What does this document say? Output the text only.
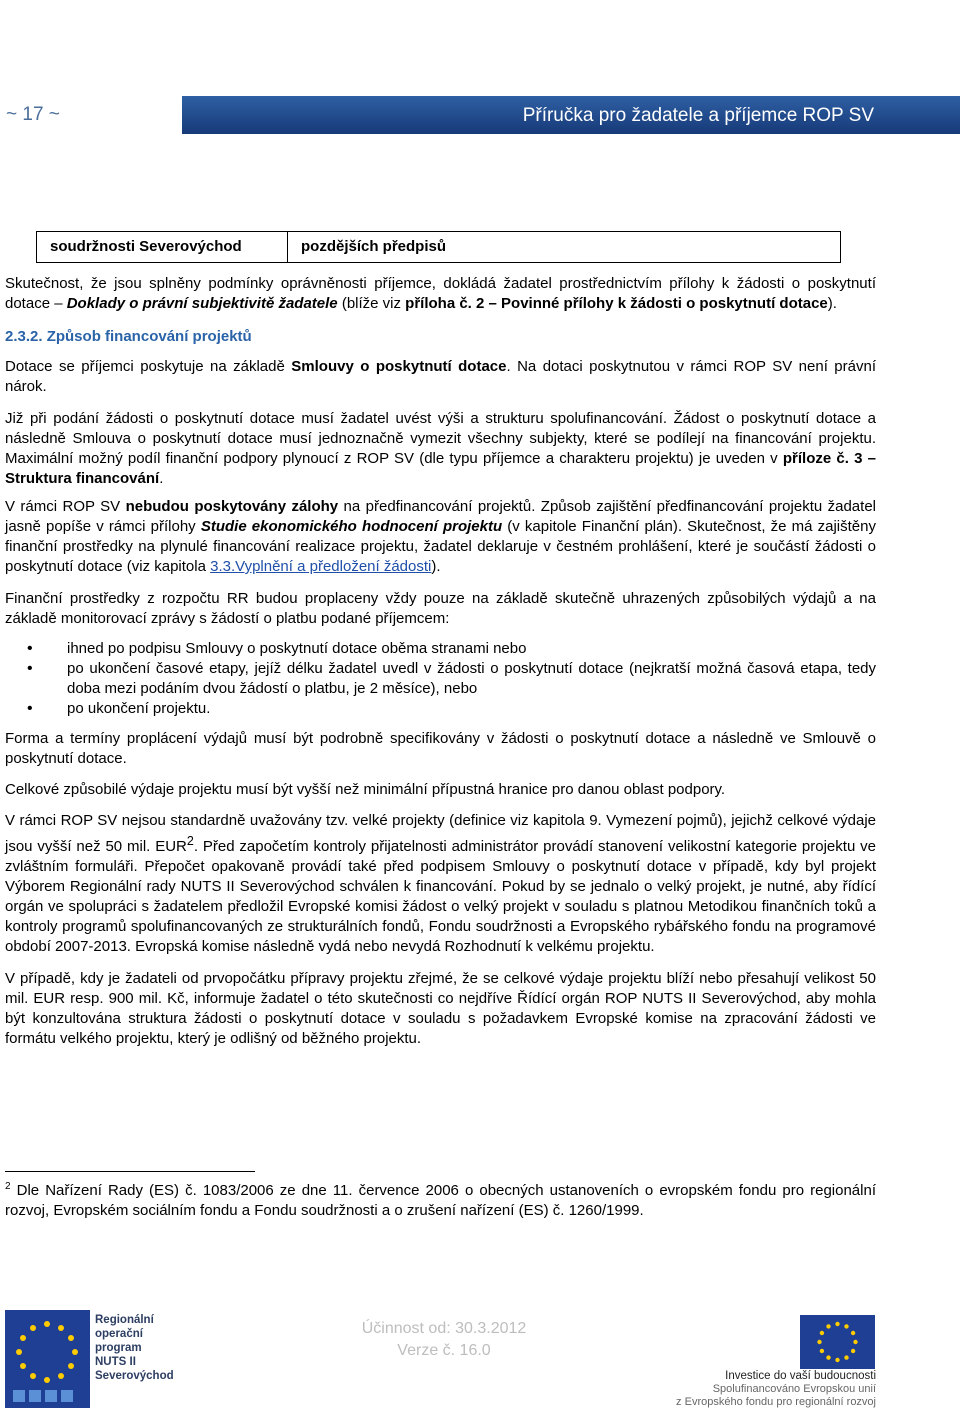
~ 17 ~	Příručka pro žadatele a příjemce ROP SV
soudržnosti Severovýchod	pozdějších předpisů

Skutečnost, že jsou splněny podmínky oprávněnosti příjemce, dokládá žadatel prostřednictvím přílohy k žádosti o poskytnutí dotace – Doklady o právní subjektivitě žadatele (blíže viz příloha č. 2 – Povinné přílohy k žádosti o poskytnutí dotace).

2.3.2. Způsob financování projektů

Dotace se příjemci poskytuje na základě Smlouvy o poskytnutí dotace. Na dotaci poskytnutou v rámci ROP SV není právní nárok.

Již při podání žádosti o poskytnutí dotace musí žadatel uvést výši a strukturu spolufinancování. Žádost o poskytnutí dotace a následně Smlouva o poskytnutí dotace musí jednoznačně vymezit všechny subjekty, které se podílejí na financování projektu. Maximální možný podíl finanční podpory plynoucí z ROP SV (dle typu příjemce a charakteru projektu) je uveden v příloze č. 3 – Struktura financování.

V rámci ROP SV nebudou poskytovány zálohy na předfinancování projektů. Způsob zajištění předfinancování projektu žadatel jasně popíše v rámci přílohy Studie ekonomického hodnocení projektu (v kapitole Finanční plán). Skutečnost, že má zajištěny finanční prostředky na plynulé financování realizace projektu, žadatel deklaruje v čestném prohlášení, které je součástí žádosti o poskytnutí dotace (viz kapitola 3.3.Vyplnění a předložení žádosti).

Finanční prostředky z rozpočtu RR budou proplaceny vždy pouze na základě skutečně uhrazených způsobilých výdajů a na základě monitorovací zprávy s žádostí o platbu podané příjemcem:

• ihned po podpisu Smlouvy o poskytnutí dotace oběma stranami nebo
• po ukončení časové etapy, jejíž délku žadatel uvedl v žádosti o poskytnutí dotace (nejkratší možná časová etapa, tedy doba mezi podáním dvou žádostí o platbu, je 2 měsíce), nebo
• po ukončení projektu.

Forma a termíny proplácení výdajů musí být podrobně specifikovány v žádosti o poskytnutí dotace a následně ve Smlouvě o poskytnutí dotace.

Celkové způsobilé výdaje projektu musí být vyšší než minimální přípustná hranice pro danou oblast podpory.

V rámci ROP SV nejsou standardně uvažovány tzv. velké projekty (definice viz kapitola 9. Vymezení pojmů), jejichž celkové výdaje jsou vyšší než 50 mil. EUR$^2$. Před započetím kontroly přijatelnosti administrátor provádí stanovení velikostní kategorie projektu ve zvláštním formuláři. Přepočet opakovaně provádí také před podpisem Smlouvy o poskytnutí dotace v případě, kdy byl projekt Výborem Regionální rady NUTS II Severovýchod schválen k financování. Pokud by se jednalo o velký projekt, je nutné, aby řídící orgán ve spolupráci s žadatelem předložil Evropské komisi žádost o velký projekt v souladu s platnou Metodikou finančních toků a kontroly programů spolufinancovaných ze strukturálních fondů, Fondu soudržnosti a Evropského rybářského fondu na programové období 2007-2013. Evropská komise následně vydá nebo nevydá Rozhodnutí k velkému projektu.

V případě, kdy je žadateli od prvopočátku přípravy projektu zřejmé, že se celkové výdaje projektu blíží nebo přesahují velikost 50 mil. EUR resp. 900 mil. Kč, informuje žadatel o této skutečnosti co nejdříve Řídící orgán ROP NUTS II Severovýchod, aby mohla být konzultována struktura žádosti o poskytnutí dotace v souladu s požadavkem Evropské komise na zpracování žádosti ve formátu velkého projektu, který je odlišný od běžného projektu.

$^2$ Dle Nařízení Rady (ES) č. 1083/2006 ze dne 11. července 2006 o obecných ustanoveních o evropském fondu pro regionální rozvoj, Evropském sociálním fondu a Fondu soudržnosti a o zrušení nařízení (ES) č. 1260/1999.
Regionální
operační program
NUTS II Severovýchod
Účinnost od: 30.3.2012
Verze č. 16.0
Investice do vaší budoucnosti
Spolufinancováno Evropskou unií
z Evropského fondu pro regionální rozvoj
